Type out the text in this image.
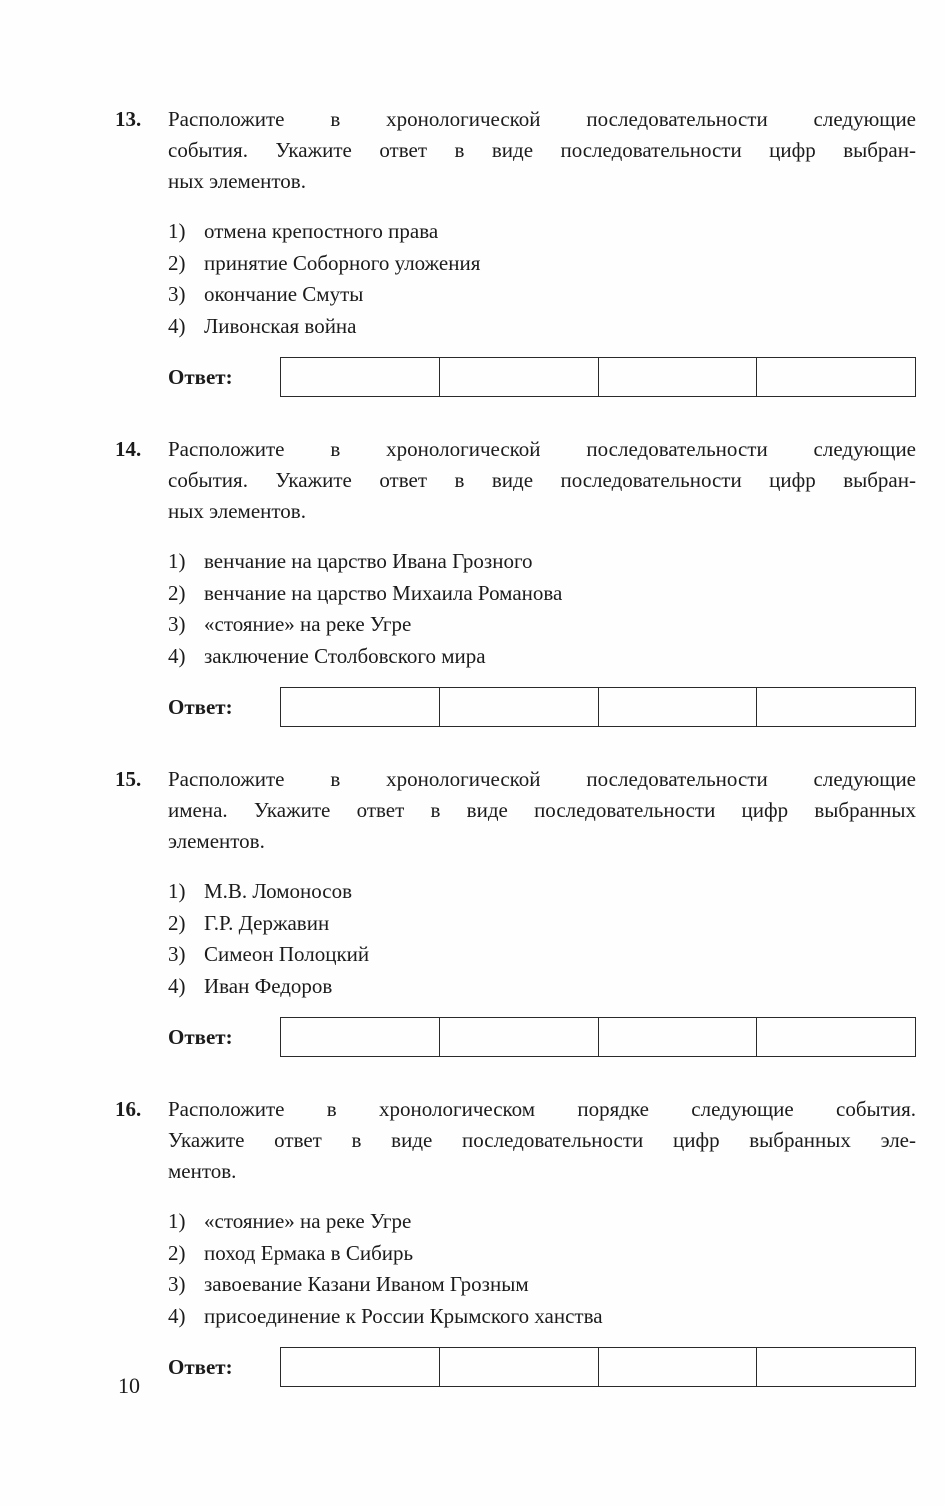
13.	Расположите в хронологической последовательности следующие
события. Укажите ответ в виде последовательности цифр выбран-
ных элементов.
1) отмена крепостного права
2) принятие Соборного уложения
3) окончание Смуты
4) Ливонская война
Ответ:
14.	Расположите в хронологической последовательности следующие
события. Укажите ответ в виде последовательности цифр выбран-
ных элементов.
1) венчание на царство Ивана Грозного
2) венчание на царство Михаила Романова
3) «стояние» на реке Угре
4) заключение Столбовского мира
Ответ:
15.	Расположите в хронологической последовательности следующие
имена. Укажите ответ в виде последовательности цифр выбранных
элементов.
1) М.В. Ломоносов
2) Г.Р. Державин
3) Симеон Полоцкий
4) Иван Федоров
Ответ:
16.	Расположите в хронологическом порядке следующие события.
Укажите ответ в виде последовательности цифр выбранных эле-
ментов.
1) «стояние» на реке Угре
2) поход Ермака в Сибирь
3) завоевание Казани Иваном Грозным
4) присоединение к России Крымского ханства
Ответ:
10
